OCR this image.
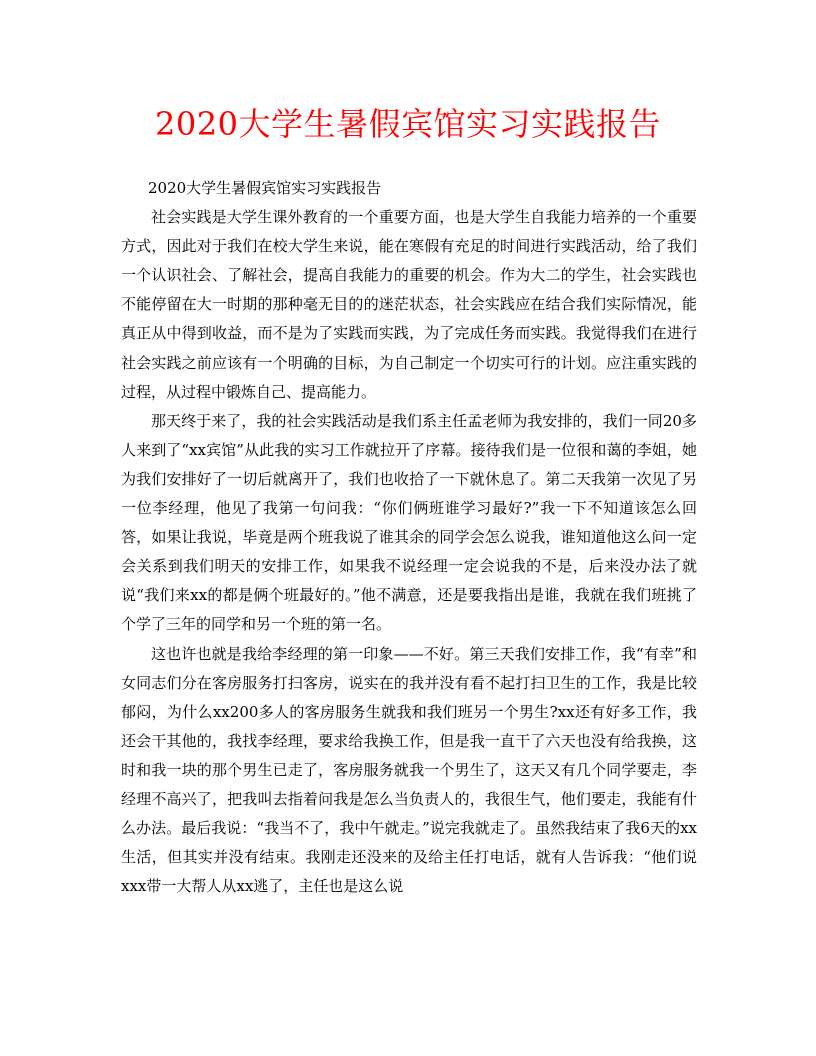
2020大学生暑假宾馆实习实践报告

2020大学生暑假宾馆实习实践报告

社会实践是大学生课外教育的一个重要方面，也是大学生自我能力培养的一个重要方式，因此对于我们在校大学生来说，能在寒假有充足的时间进行实践活动，给了我们一个认识社会、了解社会，提高自我能力的重要的机会。作为大二的学生，社会实践也不能停留在大一时期的那种毫无目的的迷茫状态，社会实践应在结合我们实际情况，能真正从中得到收益，而不是为了实践而实践，为了完成任务而实践。我觉得我们在进行社会实践之前应该有一个明确的目标，为自己制定一个切实可行的计划。应注重实践的过程，从过程中锻炼自己、提高能力。

那天终于来了，我的社会实践活动是我们系主任孟老师为我安排的，我们一同20多人来到了“xx宾馆”从此我的实习工作就拉开了序幕。接待我们是一位很和蔼的李姐，她为我们安排好了一切后就离开了，我们也收拾了一下就休息了。第二天我第一次见了另一位李经理，他见了我第一句问我：“你们俩班谁学习最好?”我一下不知道该怎么回答，如果让我说，毕竟是两个班我说了谁其余的同学会怎么说我，谁知道他这么问一定会关系到我们明天的安排工作，如果我不说经理一定会说我的不是，后来没办法了就说“我们来xx的都是俩个班最好的。”他不满意，还是要我指出是谁，我就在我们班挑了个学了三年的同学和另一个班的第一名。

这也许也就是我给李经理的第一印象——不好。第三天我们安排工作，我“有幸”和女同志们分在客房服务打扫客房，说实在的我并没有看不起打扫卫生的工作，我是比较郁闷，为什么xx200多人的客房服务生就我和我们班另一个男生?xx还有好多工作，我还会干其他的，我找李经理，要求给我换工作，但是我一直干了六天也没有给我换，这时和我一块的那个男生已走了，客房服务就我一个男生了，这天又有几个同学要走，李经理不高兴了，把我叫去指着问我是怎么当负责人的，我很生气，他们要走，我能有什么办法。最后我说：“我当不了，我中午就走。”说完我就走了。虽然我结束了我6天的xx生活，但其实并没有结束。我刚走还没来的及给主任打电话，就有人告诉我：“他们说xxx带一大帮人从xx逃了，主任也是这么说
